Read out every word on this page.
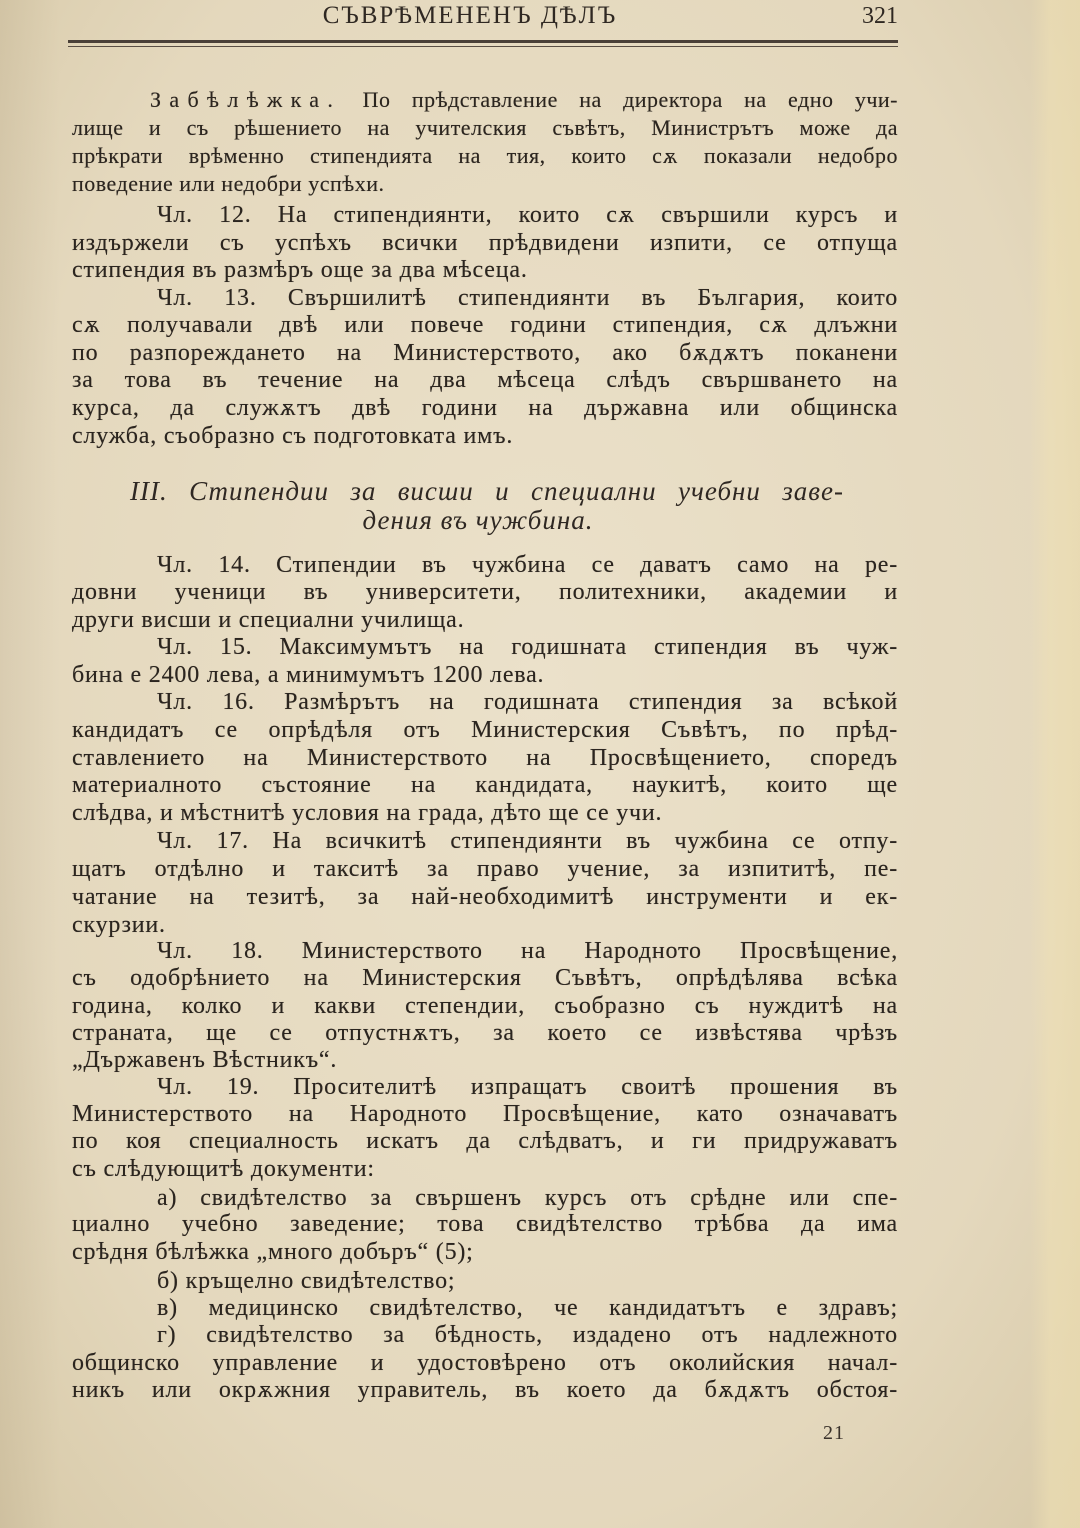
СЪВРѢМЕНЕНЪ ДѢЛЪ	321
Забѣлѣжка. По прѣдставление на директора на едно учи-
лище и съ рѣшението на учителския съвѣтъ, Министрътъ може да
прѣкрати врѣменно стипендията на тия, които сѫ показали недобро
поведение или недобри успѣхи.
Чл. 12. На стипендиянти, които сѫ свършили курсъ и
издържели съ успѣхъ всички прѣдвидени изпити, се отпуща
стипендия въ размѣръ още за два мѣсеца.
Чл. 13. Свършилитѣ стипендиянти въ България, които
сѫ получавали двѣ или повече години стипендия, сѫ длъжни
по разпореждането на Министерството, ако бѫдѫтъ поканени
за това въ течение на два мѣсеца слѣдъ свършването на
курса, да служѫтъ двѣ години на държавна или общинска
служба, съобразно съ подготовката имъ.
III. Стипендии за висши и специални учебни заве-
дения въ чужбина.
Чл. 14. Стипендии въ чужбина се даватъ само на ре-
довни ученици въ университети, политехники, академии и
други висши и специални училища.
Чл. 15. Максимумътъ на годишната стипендия въ чуж-
бина е 2400 лева, а минимумътъ 1200 лева.
Чл. 16. Размѣрътъ на годишната стипендия за всѣкой
кандидатъ се опрѣдѣля отъ Министерския Съвѣтъ, по прѣд-
ставлението на Министерството на Просвѣщението, споредъ
материалното състояние на кандидата, наукитѣ, които ще
слѣдва, и мѣстнитѣ условия на града, дѣто ще се учи.
Чл. 17. На всичкитѣ стипендиянти въ чужбина се отпу-
щатъ отдѣлно и такситѣ за право учение, за изпититѣ, пе-
чатание на тезитѣ, за най-необходимитѣ инструменти и ек-
скурзии.
Чл. 18. Министерството на Народното Просвѣщение,
съ одобрѣнието на Министерския Съвѣтъ, опрѣдѣлява всѣка
година, колко и какви степендии, съобразно съ нуждитѣ на
страната, ще се отпустнѫтъ, за което се извѣстява чрѣзъ
„Държавенъ Вѣстникъ“.
Чл. 19. Просителитѣ изпращатъ своитѣ прошения въ
Министерството на Народното Просвѣщение, като означаватъ
по коя специалность искатъ да слѣдватъ, и ги придружаватъ
съ слѣдующитѣ документи:
а) свидѣтелство за свършенъ курсъ отъ срѣдне или спе-
циално учебно заведение; това свидѣтелство трѣбва да има
срѣдня бѣлѣжка „много добъръ“ (5);
б) кръщелно свидѣтелство;
в) медицинско свидѣтелство, че кандидатътъ е здравъ;
г) свидѣтелство за бѣдность, издадено отъ надлежното
общинско управление и удостовѣрено отъ околийския начал-
никъ или окрѫжния управитель, въ което да бѫдѫтъ обстоя-
21
